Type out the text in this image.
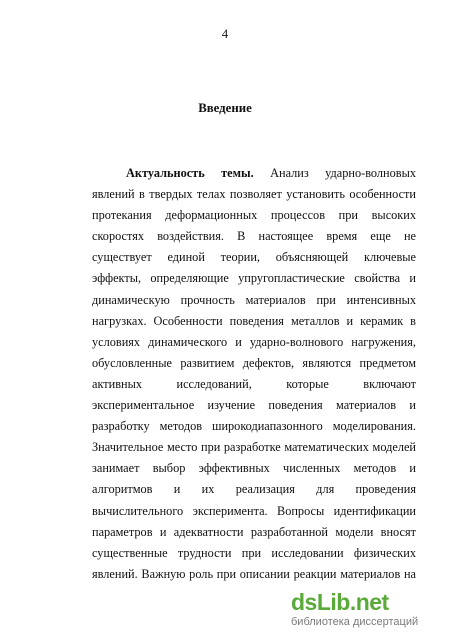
4
Введение

Актуальность темы. Анализ ударно-волновых явлений в твердых телах позволяет установить особенности протекания деформационных процессов при высоких скоростях воздействия. В настоящее время еще не существует единой теории, объясняющей ключевые эффекты, определяющие упругопластические свойства и динамическую прочность материалов при интенсивных нагрузках. Особенности поведения металлов и керамик в условиях динамического и ударно-волнового нагружения, обусловленные развитием дефектов, являются предметом активных исследований, которые включают экспериментальное изучение поведения материалов и разработку методов широкодиапазонного моделирования. Значительное место при разработке математических моделей занимает выбор эффективных численных методов и алгоритмов и их реализация для проведения вычислительного эксперимента. Вопросы идентификации параметров и адекватности разработанной модели вносят существенные трудности при исследовании физических явлений. Важную роль при описании реакции материалов на

dsLib.net
библиотека диссертаций
